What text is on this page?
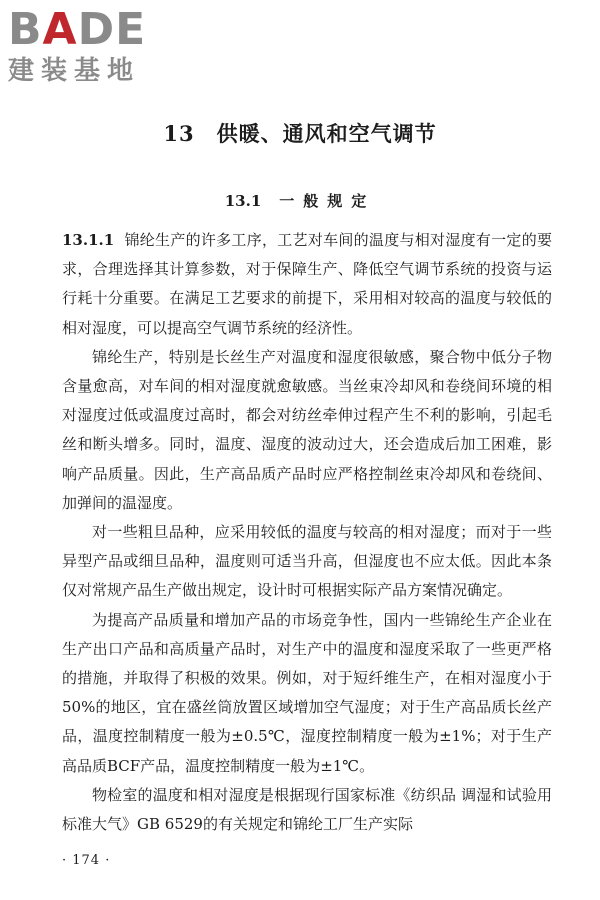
BADE
建装基地
13 供暖、通风和空气调节
13.1 一般规定

13.1.1 锦纶生产的许多工序，工艺对车间的温度与相对湿度有一定的要求，合理选择其计算参数，对于保障生产、降低空气调节系统的投资与运行耗十分重要。在满足工艺要求的前提下，采用相对较高的温度与较低的相对湿度，可以提高空气调节系统的经济性。

锦纶生产，特别是长丝生产对温度和湿度很敏感，聚合物中低分子物含量愈高，对车间的相对湿度就愈敏感。当丝束冷却风和卷绕间环境的相对湿度过低或温度过高时，都会对纺丝牵伸过程产生不利的影响，引起毛丝和断头增多。同时，温度、湿度的波动过大，还会造成后加工困难，影响产品质量。因此，生产高品质产品时应严格控制丝束冷却风和卷绕间、加弹间的温湿度。

对一些粗旦品种，应采用较低的温度与较高的相对湿度；而对于一些异型产品或细旦品种，温度则可适当升高，但湿度也不应太低。因此本条仅对常规产品生产做出规定，设计时可根据实际产品方案情况确定。

为提高产品质量和增加产品的市场竞争性，国内一些锦纶生产企业在生产出口产品和高质量产品时，对生产中的温度和湿度采取了一些更严格的措施，并取得了积极的效果。例如，对于短纤维生产，在相对湿度小于50%的地区，宜在盛丝筒放置区域增加空气湿度；对于生产高品质长丝产品，温度控制精度一般为±0.5℃，湿度控制精度一般为±1%；对于生产高品质BCF产品，温度控制精度一般为±1℃。

物检室的温度和相对湿度是根据现行国家标准《纺织品 调湿和试验用标准大气》GB 6529的有关规定和锦纶工厂生产实际

· 174 ·
